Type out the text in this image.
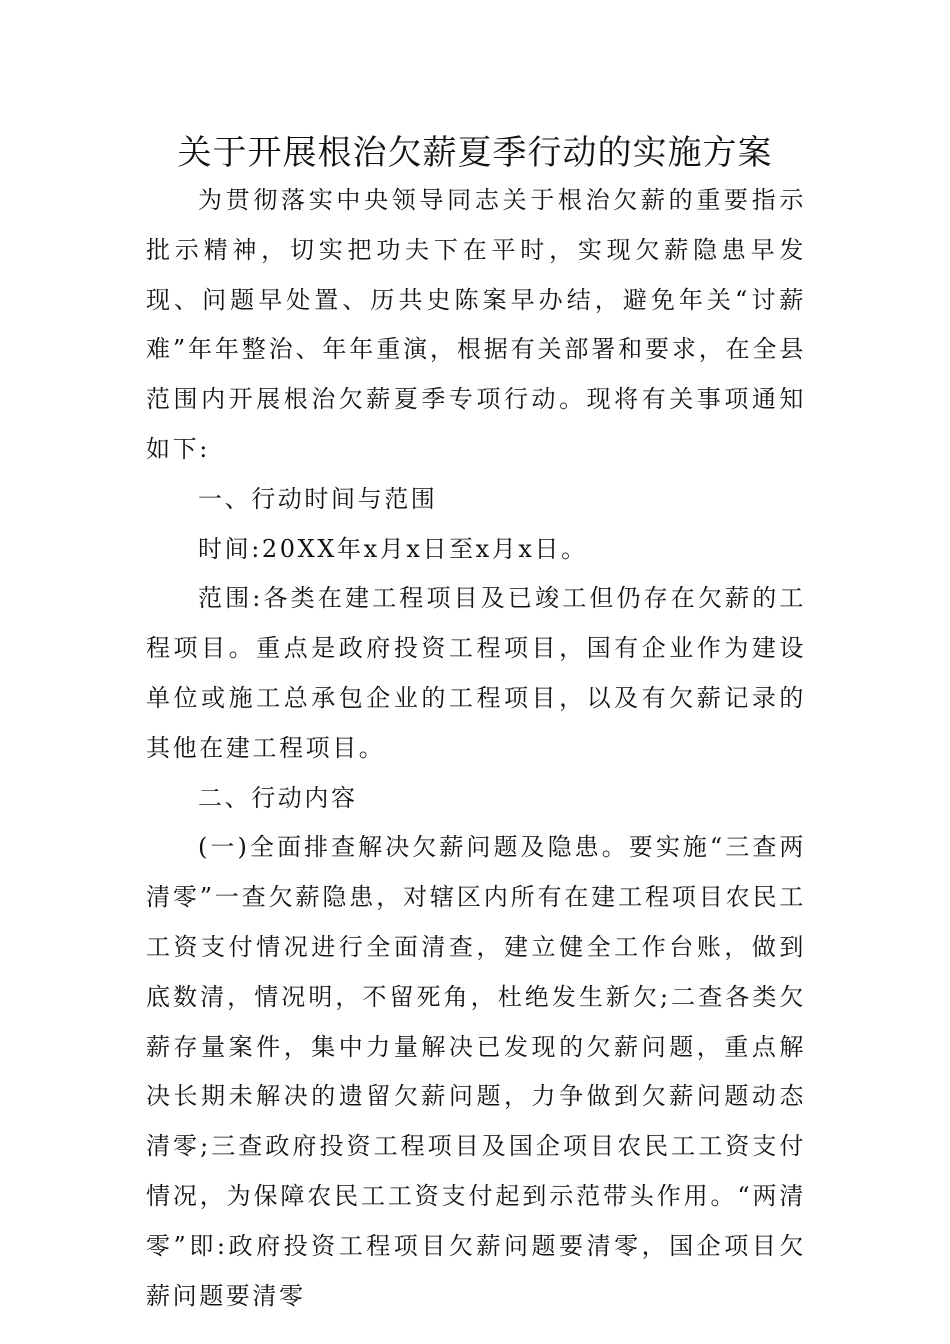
关于开展根治欠薪夏季行动的实施方案

为贯彻落实中央领导同志关于根治欠薪的重要指示批示精神，切实把功夫下在平时，实现欠薪隐患早发现、问题早处置、历共史陈案早办结，避免年关“讨薪难”年年整治、年年重演，根据有关部署和要求，在全县范围内开展根治欠薪夏季专项行动。现将有关事项通知如下:

一、行动时间与范围

时间:20XX年x月x日至x月x日。

范围:各类在建工程项目及已竣工但仍存在欠薪的工程项目。重点是政府投资工程项目，国有企业作为建设单位或施工总承包企业的工程项目，以及有欠薪记录的其他在建工程项目。

二、行动内容

(一)全面排查解决欠薪问题及隐患。要实施“三查两清零”一查欠薪隐患，对辖区内所有在建工程项目农民工工资支付情况进行全面清查，建立健全工作台账，做到底数清，情况明，不留死角，杜绝发生新欠;二查各类欠薪存量案件，集中力量解决已发现的欠薪问题，重点解决长期未解决的遗留欠薪问题，力争做到欠薪问题动态清零;三查政府投资工程项目及国企项目农民工工资支付情况，为保障农民工工资支付起到示范带头作用。“两清零”即:政府投资工程项目欠薪问题要清零，国企项目欠薪问题要清零
